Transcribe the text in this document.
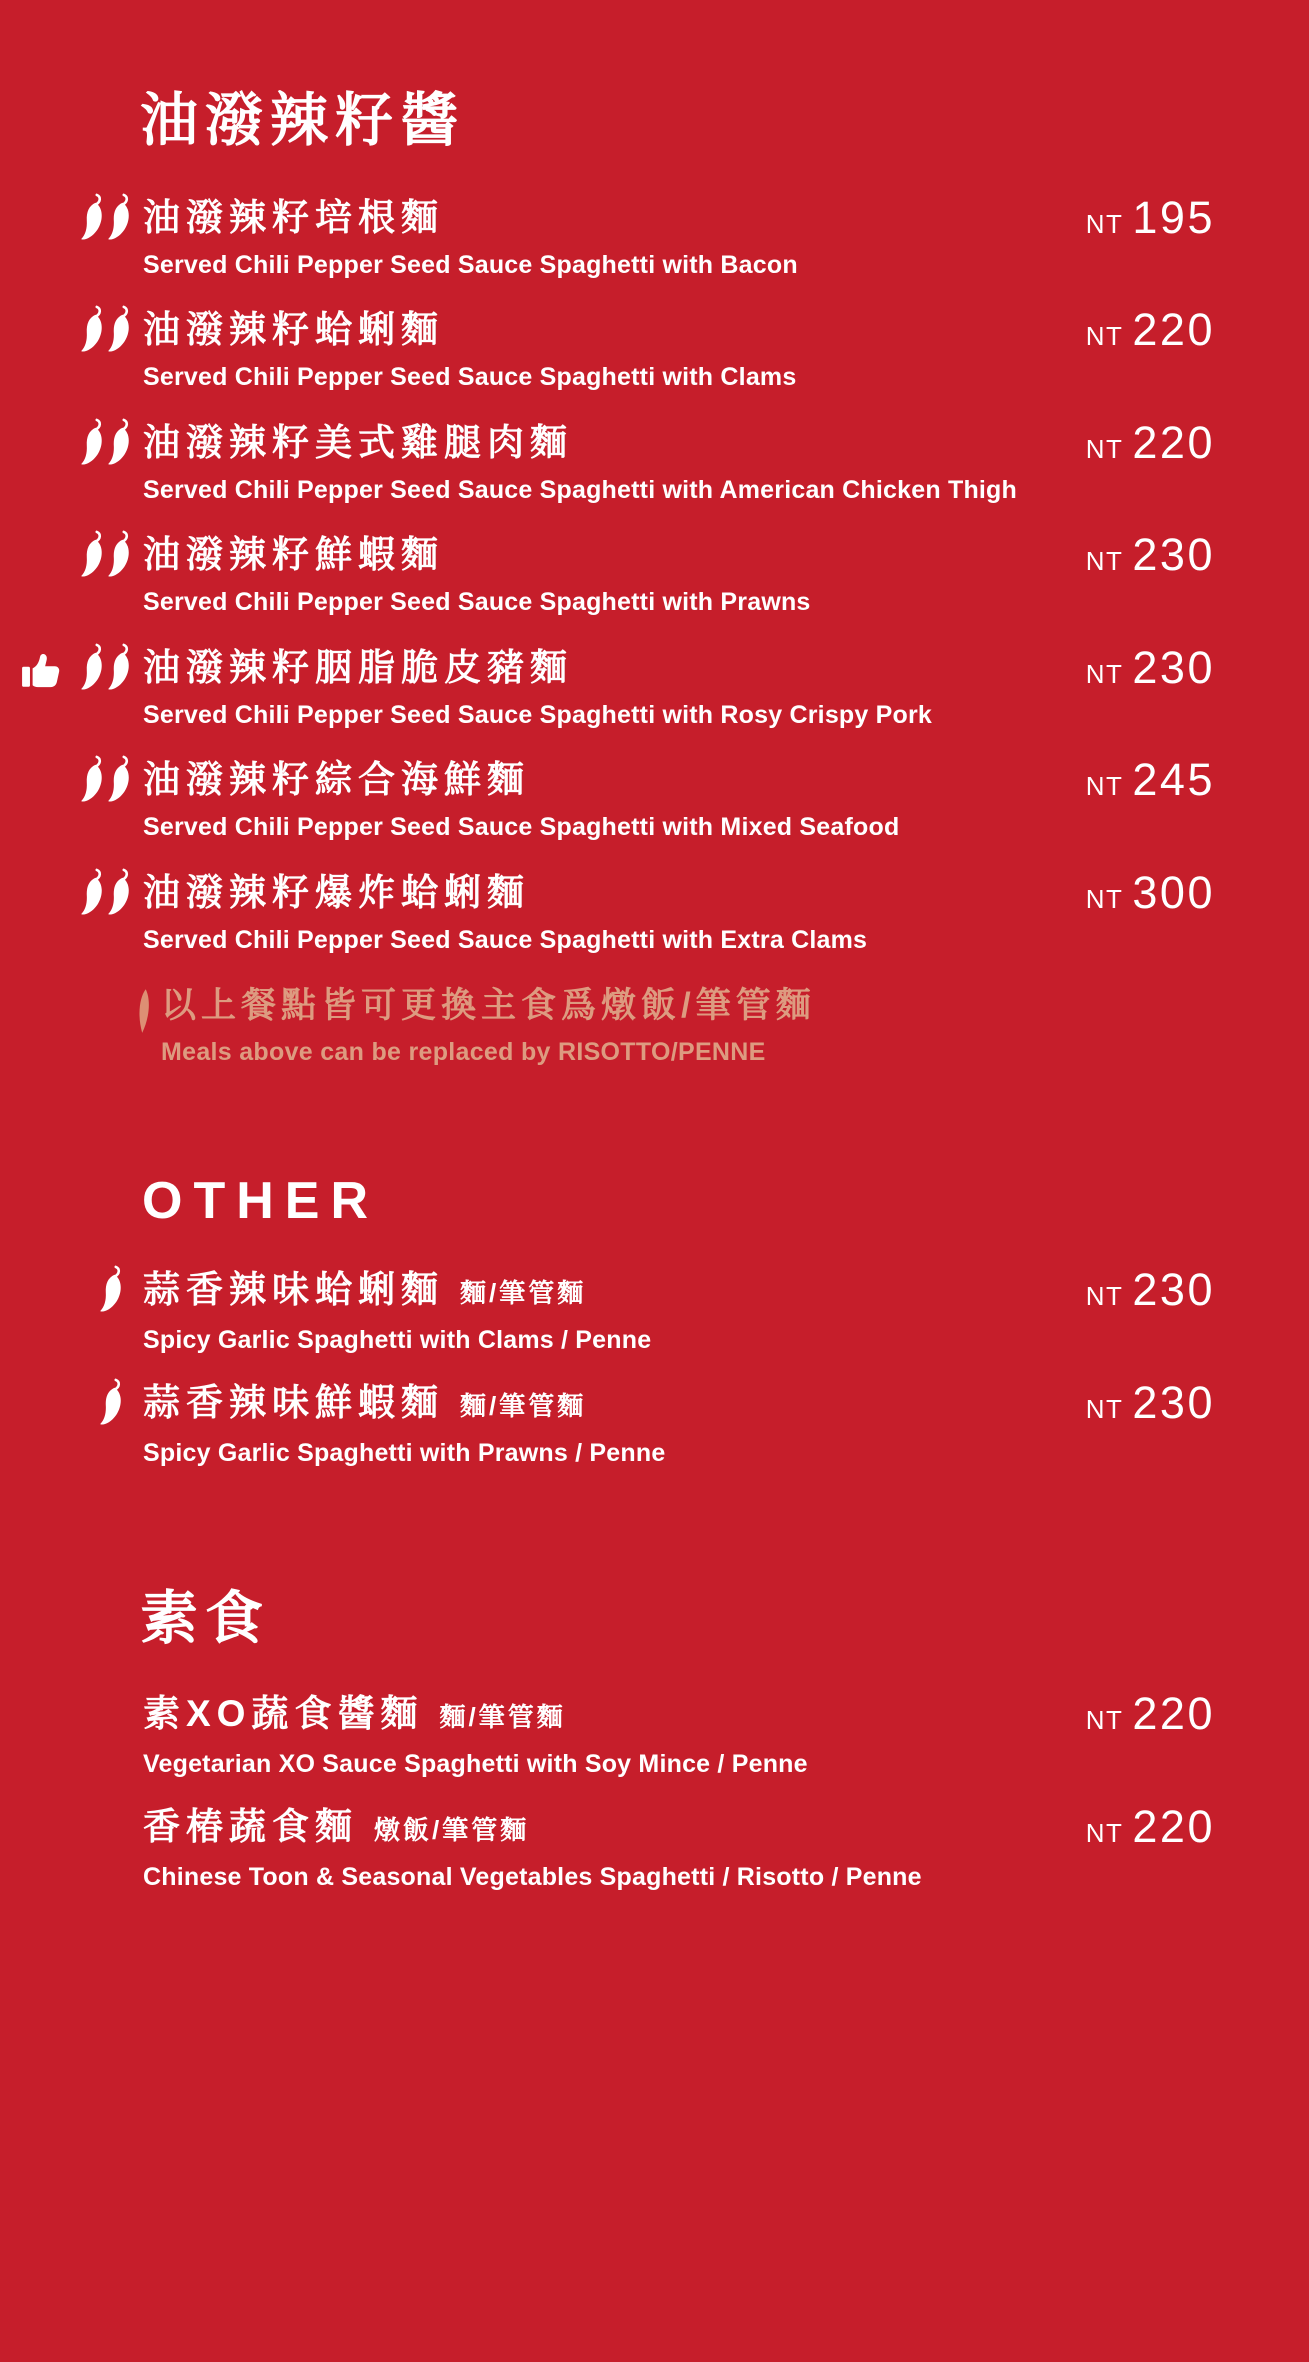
油潑辣籽醬
油潑辣籽培根麵
Served Chili Pepper Seed Sauce Spaghetti with Bacon
NT 195
油潑辣籽蛤蜊麵
Served Chili Pepper Seed Sauce Spaghetti with Clams
NT 220
油潑辣籽美式雞腿肉麵
Served Chili Pepper Seed Sauce Spaghetti with American Chicken Thigh
NT 220
油潑辣籽鮮蝦麵
Served Chili Pepper Seed Sauce Spaghetti with Prawns
NT 230
油潑辣籽胭脂脆皮豬麵
Served Chili Pepper Seed Sauce Spaghetti with Rosy Crispy Pork
NT 230
油潑辣籽綜合海鮮麵
Served Chili Pepper Seed Sauce Spaghetti with Mixed Seafood
NT 245
油潑辣籽爆炸蛤蜊麵
Served Chili Pepper Seed Sauce Spaghetti with Extra Clams
NT 300
以上餐點皆可更換主食爲燉飯/筆管麵
Meals above can be replaced by RISOTTO/PENNE
OTHER
蒜香辣味蛤蜊麵 麵/筆管麵
Spicy Garlic Spaghetti with Clams / Penne
NT 230
蒜香辣味鮮蝦麵 麵/筆管麵
Spicy Garlic Spaghetti with Prawns / Penne
NT 230
素食
素XO蔬食醬麵 麵/筆管麵
Vegetarian XO Sauce Spaghetti with Soy Mince / Penne
NT 220
香椿蔬食麵 燉飯/筆管麵
Chinese Toon & Seasonal Vegetables Spaghetti / Risotto / Penne
NT 220
